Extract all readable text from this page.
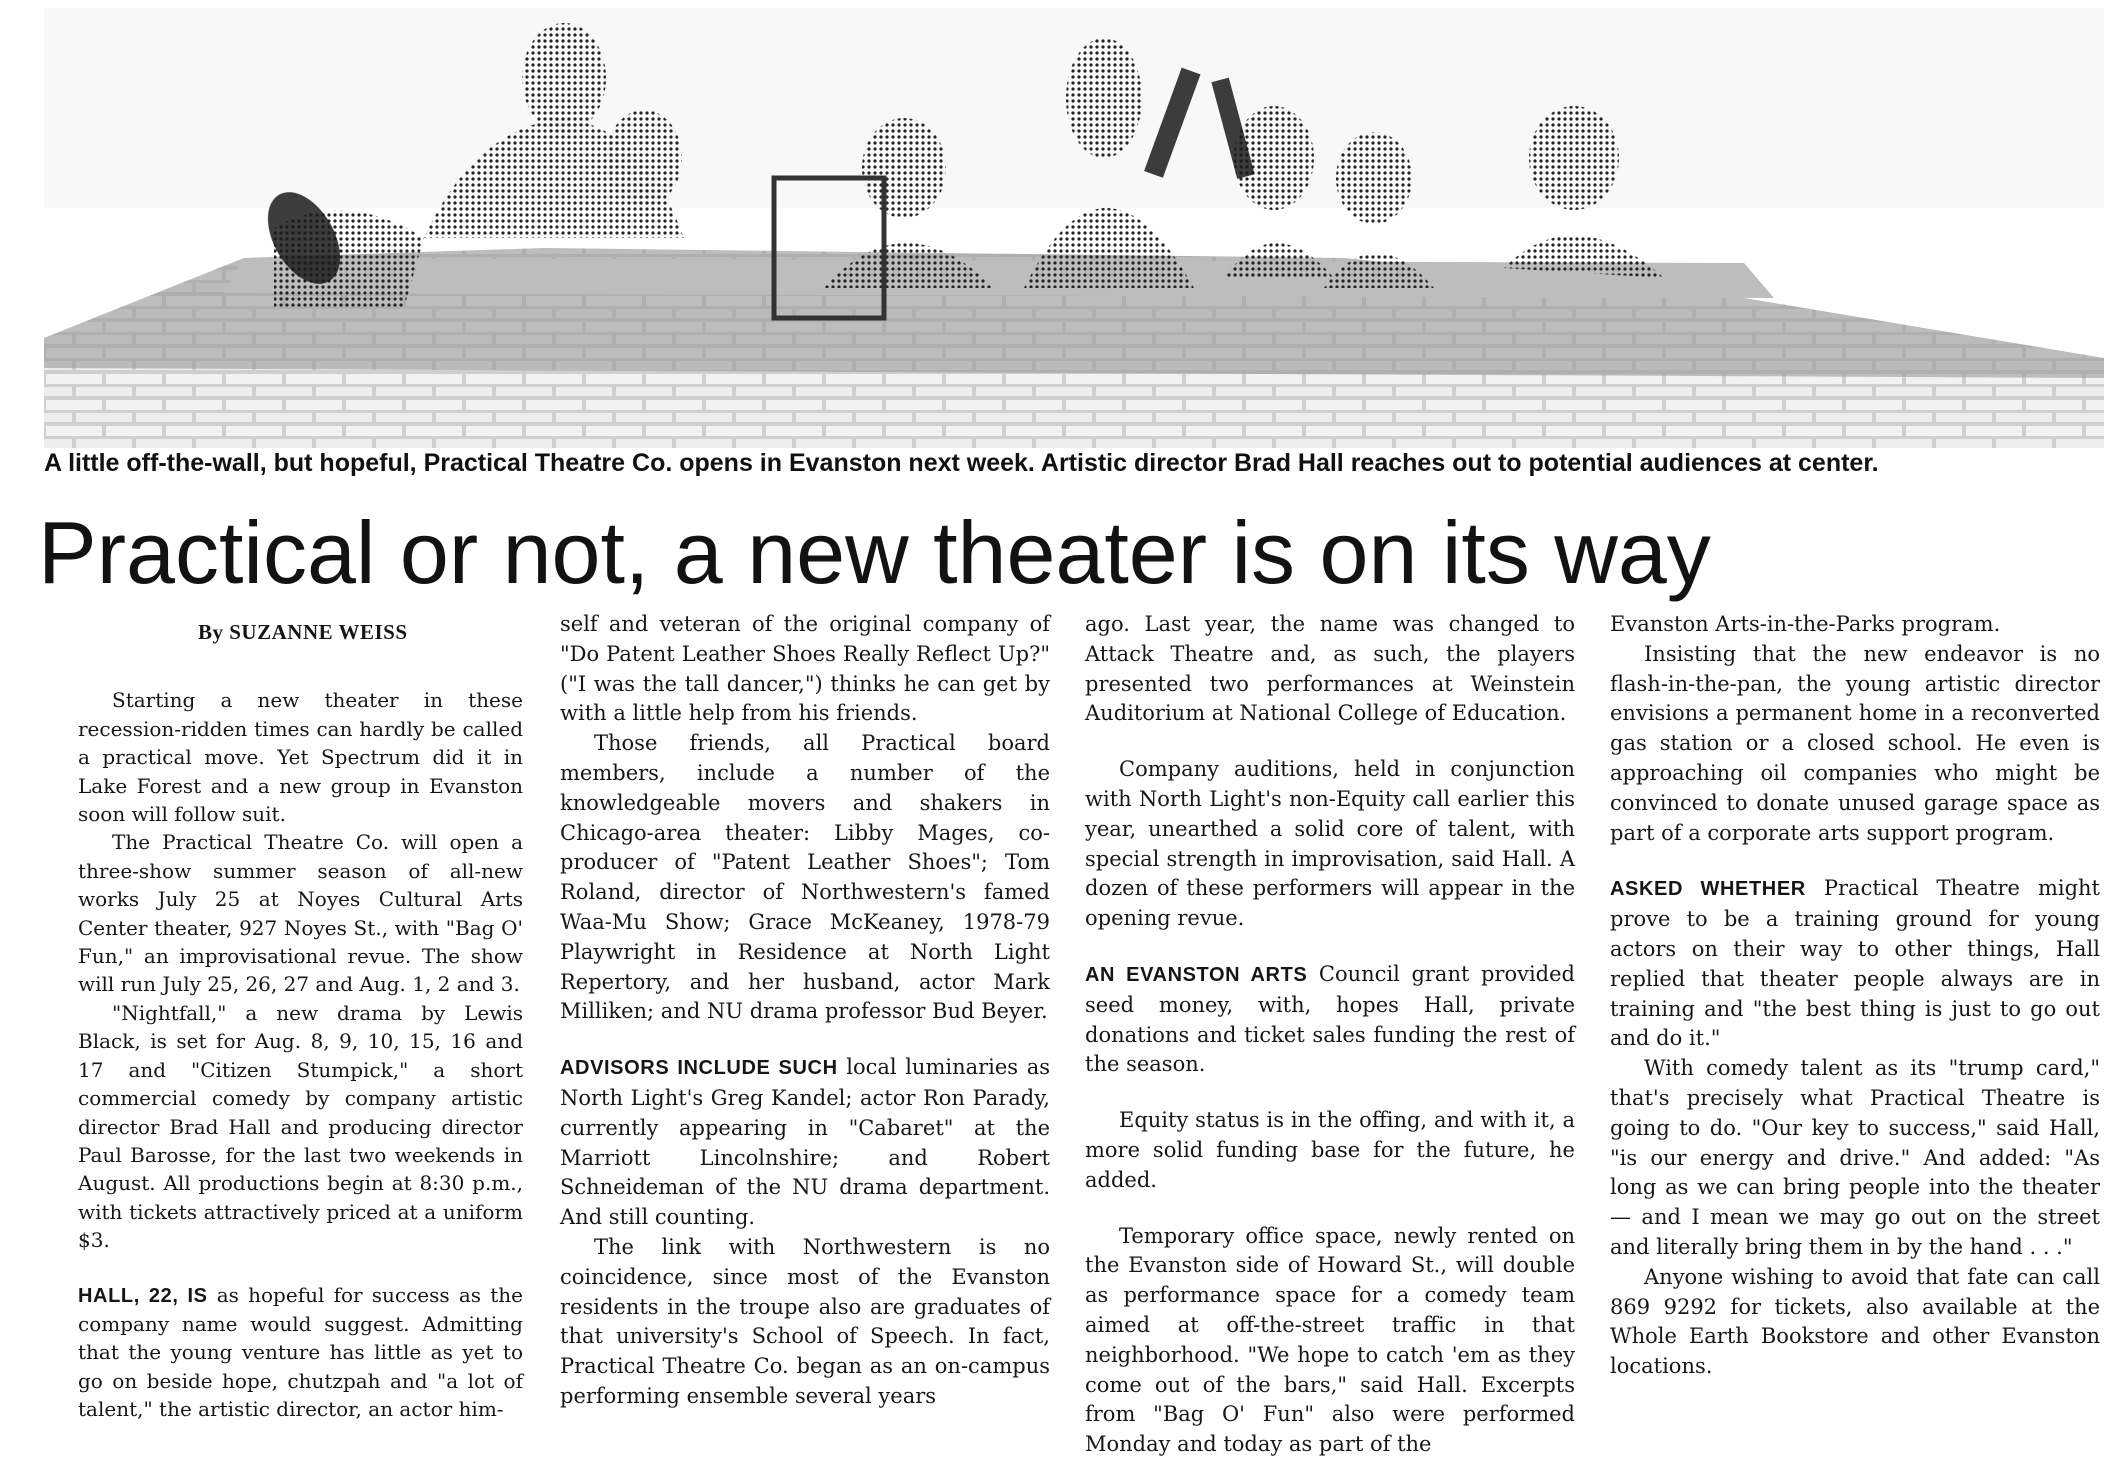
A little off-the-wall, but hopeful, Practical Theatre Co. opens in Evanston next week. Artistic director Brad Hall reaches out to potential audiences at center.
Practical or not, a new theater is on its way

By SUZANNE WEISS

Starting a new theater in these recession-ridden times can hardly be called a practical move. Yet Spectrum did it in Lake Forest and a new group in Evanston soon will follow suit.

The Practical Theatre Co. will open a three-show summer season of all-new works July 25 at Noyes Cultural Arts Center theater, 927 Noyes St., with "Bag O' Fun," an improvisational revue. The show will run July 25, 26, 27 and Aug. 1, 2 and 3.

"Nightfall," a new drama by Lewis Black, is set for Aug. 8, 9, 10, 15, 16 and 17 and "Citizen Stumpick," a short commercial comedy by company artistic director Brad Hall and producing director Paul Barosse, for the last two weekends in August. All productions begin at 8:30 p.m., with tickets attractively priced at a uniform $3.

HALL, 22, IS as hopeful for success as the company name would suggest. Admitting that the young venture has little as yet to go on beside hope, chutzpah and "a lot of talent," the artistic director, an actor him-

self and veteran of the original company of "Do Patent Leather Shoes Really Reflect Up?" ("I was the tall dancer,") thinks he can get by with a little help from his friends.

Those friends, all Practical board members, include a number of the knowledgeable movers and shakers in Chicago-area theater: Libby Mages, co-producer of "Patent Leather Shoes"; Tom Roland, director of Northwestern's famed Waa-Mu Show; Grace McKeaney, 1978-79 Playwright in Residence at North Light Repertory, and her husband, actor Mark Milliken; and NU drama professor Bud Beyer.

ADVISORS INCLUDE SUCH local luminaries as North Light's Greg Kandel; actor Ron Parady, currently appearing in "Cabaret" at the Marriott Lincolnshire; and Robert Schneideman of the NU drama department. And still counting.

The link with Northwestern is no coincidence, since most of the Evanston residents in the troupe also are graduates of that university's School of Speech. In fact, Practical Theatre Co. began as an on-campus performing ensemble several years

ago. Last year, the name was changed to Attack Theatre and, as such, the players presented two performances at Weinstein Auditorium at National College of Education.

Company auditions, held in conjunction with North Light's non-Equity call earlier this year, unearthed a solid core of talent, with special strength in improvisation, said Hall. A dozen of these performers will appear in the opening revue.

AN EVANSTON ARTS Council grant provided seed money, with, hopes Hall, private donations and ticket sales funding the rest of the season.

Equity status is in the offing, and with it, a more solid funding base for the future, he added.

Temporary office space, newly rented on the Evanston side of Howard St., will double as performance space for a comedy team aimed at off-the-street traffic in that neighborhood. "We hope to catch 'em as they come out of the bars," said Hall. Excerpts from "Bag O' Fun" also were performed Monday and today as part of the

Evanston Arts-in-the-Parks program.

Insisting that the new endeavor is no flash-in-the-pan, the young artistic director envisions a permanent home in a reconverted gas station or a closed school. He even is approaching oil companies who might be convinced to donate unused garage space as part of a corporate arts support program.

ASKED WHETHER Practical Theatre might prove to be a training ground for young actors on their way to other things, Hall replied that theater people always are in training and "the best thing is just to go out and do it."

With comedy talent as its "trump card," that's precisely what Practical Theatre is going to do. "Our key to success," said Hall, "is our energy and drive." And added: "As long as we can bring people into the theater — and I mean we may go out on the street and literally bring them in by the hand . . ."

Anyone wishing to avoid that fate can call 869 9292 for tickets, also available at the Whole Earth Bookstore and other Evanston locations.
